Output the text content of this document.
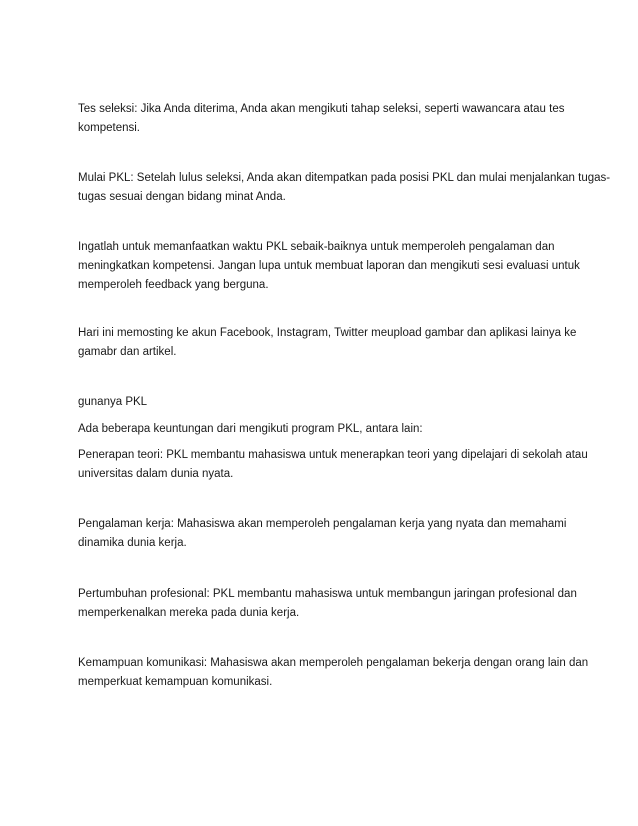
Tes seleksi: Jika Anda diterima, Anda akan mengikuti tahap seleksi, seperti wawancara atau tes
kompetensi.

Mulai PKL: Setelah lulus seleksi, Anda akan ditempatkan pada posisi PKL dan mulai menjalankan tugas-
tugas sesuai dengan bidang minat Anda.

Ingatlah untuk memanfaatkan waktu PKL sebaik-baiknya untuk memperoleh pengalaman dan
meningkatkan kompetensi. Jangan lupa untuk membuat laporan dan mengikuti sesi evaluasi untuk
memperoleh feedback yang berguna.

Hari ini memosting ke akun Facebook, Instagram, Twitter meupload gambar dan aplikasi lainya ke
gamabr dan artikel.

gunanya PKL

Ada beberapa keuntungan dari mengikuti program PKL, antara lain:

Penerapan teori: PKL membantu mahasiswa untuk menerapkan teori yang dipelajari di sekolah atau
universitas dalam dunia nyata.

Pengalaman kerja: Mahasiswa akan memperoleh pengalaman kerja yang nyata dan memahami
dinamika dunia kerja.

Pertumbuhan profesional: PKL membantu mahasiswa untuk membangun jaringan profesional dan
memperkenalkan mereka pada dunia kerja.

Kemampuan komunikasi: Mahasiswa akan memperoleh pengalaman bekerja dengan orang lain dan
memperkuat kemampuan komunikasi.
